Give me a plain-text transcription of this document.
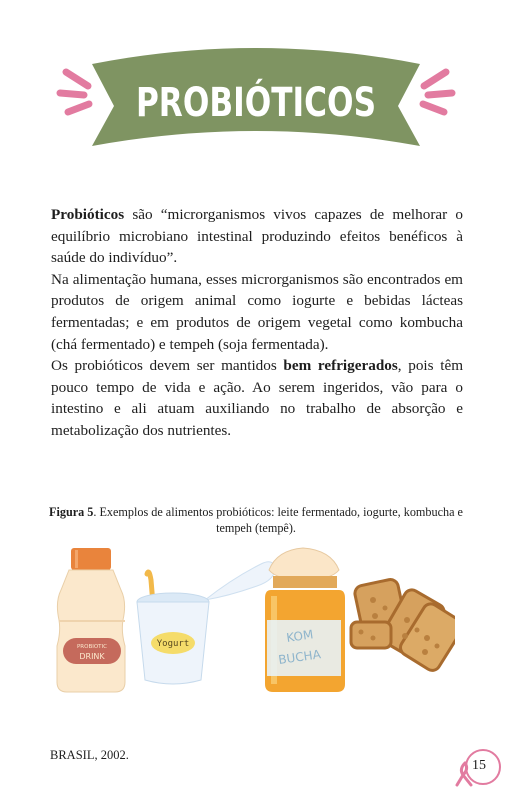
PROBIÓTICOS

Probióticos são “microrganismos vivos capazes de melhorar o equilíbrio microbiano intestinal produzindo efeitos benéficos à saúde do indivíduo”.

Na alimentação humana, esses microrganismos são encontrados em produtos de origem animal como iogurte e bebidas lácteas fermentadas; e em produtos de origem vegetal como kombucha (chá fermentado) e tempeh (soja fermentada).

Os probióticos devem ser mantidos bem refrigerados, pois têm pouco tempo de vida e ação. Ao serem ingeridos, vão para o intestino e ali atuam auxiliando no trabalho de absorção e metabolização dos nutrientes.

Figura 5. Exemplos de alimentos probióticos: leite fermentado, iogurte, kombucha e tempeh (tempê).
PROBIOTIC
DRINK
Yogurt	KOM
BUCHA
BRASIL, 2002.
15
